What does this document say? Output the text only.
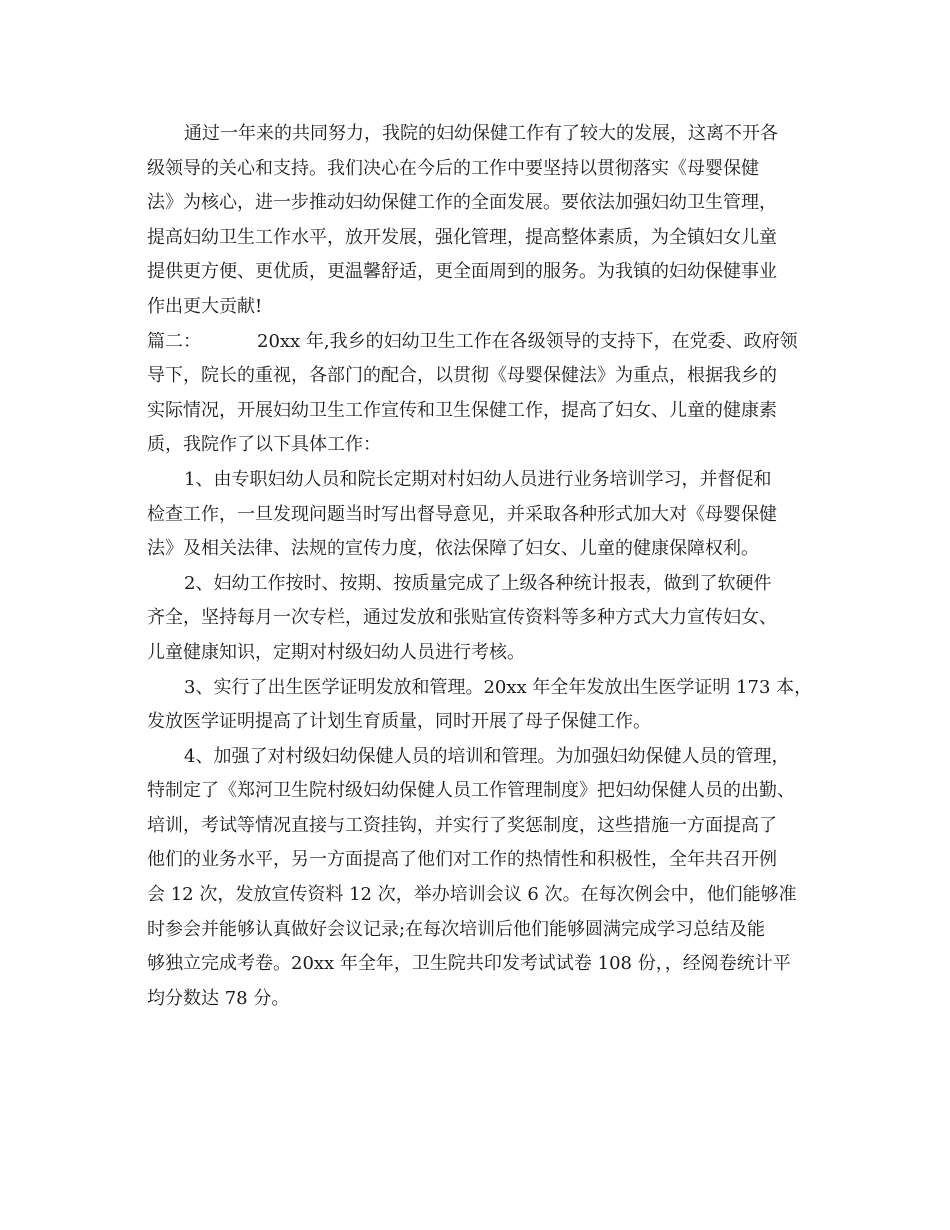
通过一年来的共同努力，我院的妇幼保健工作有了较大的发展，这离不开各
级领导的关心和支持。我们决心在今后的工作中要坚持以贯彻落实《母婴保健
法》为核心，进一步推动妇幼保健工作的全面发展。要依法加强妇幼卫生管理，
提高妇幼卫生工作水平，放开发展，强化管理，提高整体素质，为全镇妇女儿童
提供更方便、更优质，更温馨舒适，更全面周到的服务。为我镇的妇幼保健事业
作出更大贡献!
篇二：	20xx 年,我乡的妇幼卫生工作在各级领导的支持下，在党委、政府领
导下，院长的重视，各部门的配合，以贯彻《母婴保健法》为重点，根据我乡的
实际情况，开展妇幼卫生工作宣传和卫生保健工作，提高了妇女、儿童的健康素
质，我院作了以下具体工作：
1、由专职妇幼人员和院长定期对村妇幼人员进行业务培训学习，并督促和
检查工作，一旦发现问题当时写出督导意见，并采取各种形式加大对《母婴保健
法》及相关法律、法规的宣传力度，依法保障了妇女、儿童的健康保障权利。
2、妇幼工作按时、按期、按质量完成了上级各种统计报表，做到了软硬件
齐全，坚持每月一次专栏，通过发放和张贴宣传资料等多种方式大力宣传妇女、
儿童健康知识，定期对村级妇幼人员进行考核。
3、实行了出生医学证明发放和管理。20xx 年全年发放出生医学证明 173 本，
发放医学证明提高了计划生育质量，同时开展了母子保健工作。
4、加强了对村级妇幼保健人员的培训和管理。为加强妇幼保健人员的管理，
特制定了《郑河卫生院村级妇幼保健人员工作管理制度》把妇幼保健人员的出勤、
培训，考试等情况直接与工资挂钩，并实行了奖惩制度，这些措施一方面提高了
他们的业务水平，另一方面提高了他们对工作的热情性和积极性，全年共召开例
会 12 次，发放宣传资料 12 次，举办培训会议 6 次。在每次例会中，他们能够准
时参会并能够认真做好会议记录;在每次培训后他们能够圆满完成学习总结及能
够独立完成考卷。20xx 年全年，卫生院共印发考试试卷 108 份，，经阅卷统计平
均分数达 78 分。
